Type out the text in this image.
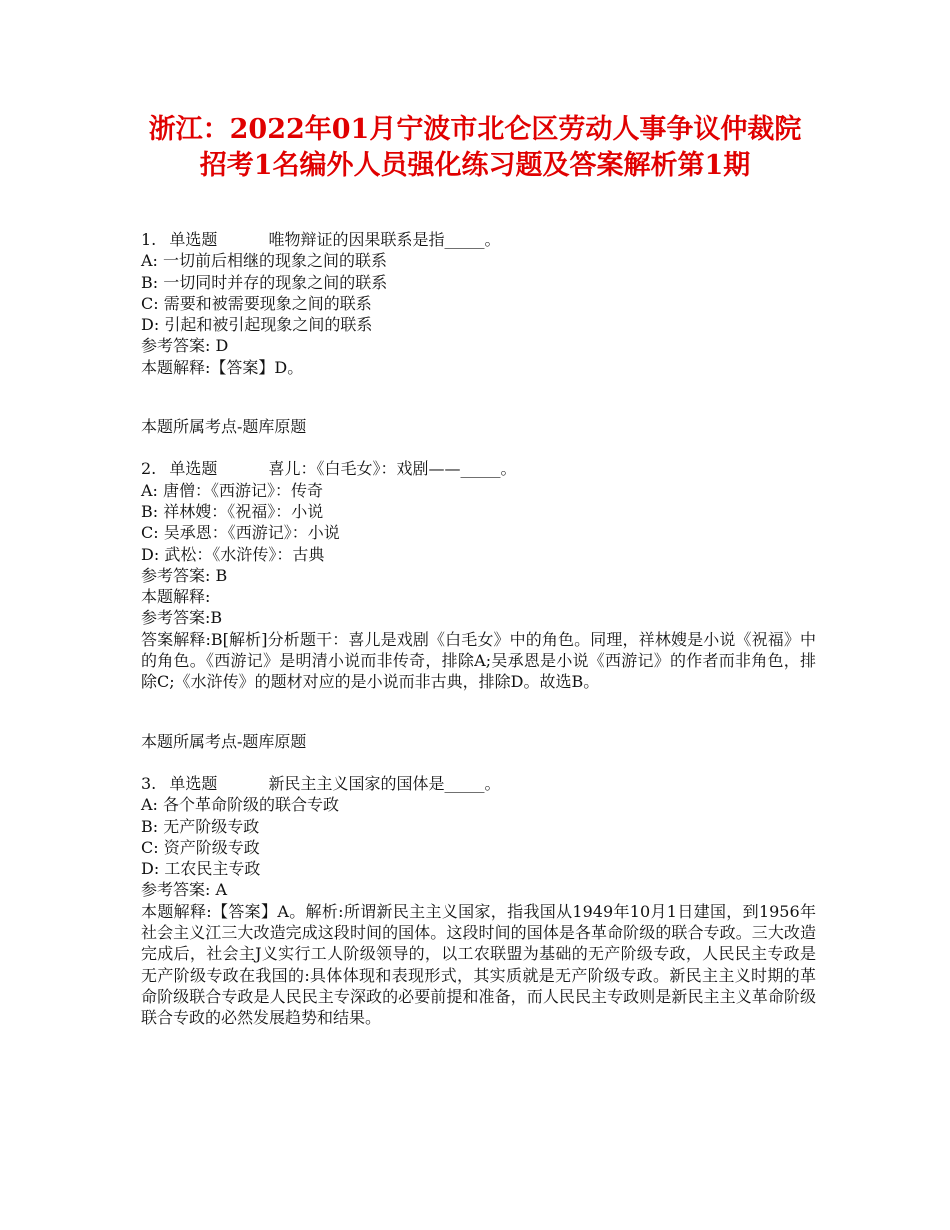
浙江：2022年01月宁波市北仑区劳动人事争议仲裁院
招考1名编外人员强化练习题及答案解析第1期
1. 单选题	唯物辩证的因果联系是指_____。
A: 一切前后相继的现象之间的联系
B: 一切同时并存的现象之间的联系
C: 需要和被需要现象之间的联系
D: 引起和被引起现象之间的联系
参考答案: D
本题解释:【答案】D。
本题所属考点-题库原题
2. 单选题	喜儿：《白毛女》：戏剧——_____。
A: 唐僧：《西游记》：传奇
B: 祥林嫂：《祝福》：小说
C: 吴承恩：《西游记》：小说
D: 武松：《水浒传》：古典
参考答案: B
本题解释:
参考答案:B
答案解释:B[解析]分析题干：喜儿是戏剧《白毛女》中的角色。同理，祥林嫂是小说《祝福》中的角色。《西游记》是明清小说而非传奇，排除A;吴承恩是小说《西游记》的作者而非角色，排除C;《水浒传》的题材对应的是小说而非古典，排除D。故选B。
本题所属考点-题库原题
3. 单选题	新民主主义国家的国体是_____。
A: 各个革命阶级的联合专政
B: 无产阶级专政
C: 资产阶级专政
D: 工农民主专政
参考答案: A
本题解释:【答案】A。解析:所谓新民主主义国家，指我国从1949年10月1日建国，到1956年社会主义江三大改造完成这段时间的国体。这段时间的国体是各革命阶级的联合专政。三大改造完成后，社会主J义实行工人阶级领导的，以工农联盟为基础的无产阶级专政，人民民主专政是无产阶级专政在我国的:具体体现和表现形式，其实质就是无产阶级专政。新民主主义时期的革命阶级联合专政是人民民主专深政的必要前提和准备，而人民民主专政则是新民主主义革命阶级联合专政的必然发展趋势和结果。
